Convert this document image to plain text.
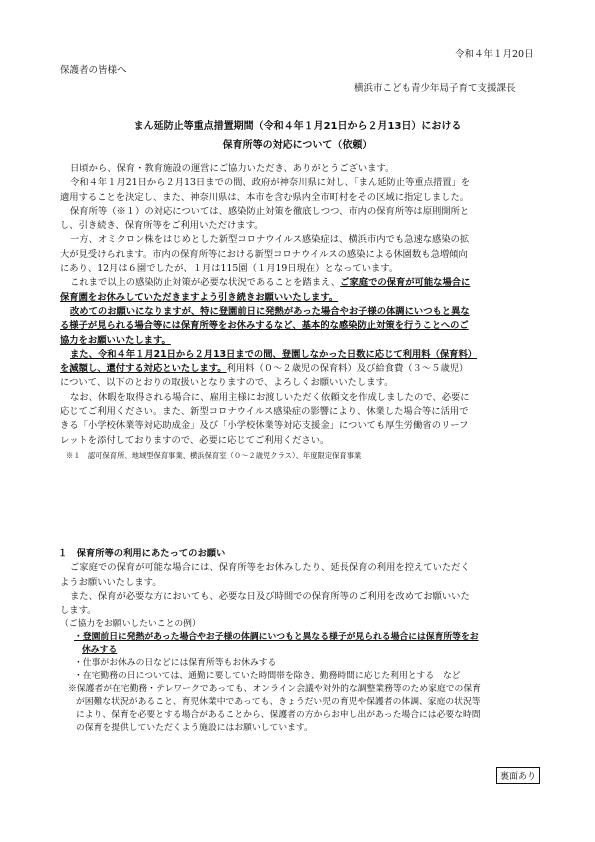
令和４年１月20日
保護者の皆様へ
横浜市こども青少年局子育て支援課長
まん延防止等重点措置期間（令和４年１月21日から２月13日）における
保育所等の対応について（依頼）

日頃から、保育・教育施設の運営にご協力いただき、ありがとうございます。

令和４年１月21日から２月13日までの間、政府が神奈川県に対し、「まん延防止等重点措置」を

適用することを決定し、また、神奈川県は、本市を含む県内全市町村をその区域に指定しました。

保育所等（※１）の対応については、感染防止対策を徹底しつつ、市内の保育所等は原則開所と

し、引き続き、保育所等をご利用いただけます。

一方、オミクロン株をはじめとした新型コロナウイルス感染症は、横浜市内でも急速な感染の拡

大が見受けられます。市内の保育所等における新型コロナウイルスの感染による休園数も急増傾向

にあり、12月は６園でしたが、１月は115園（１月19日現在）となっています。

これまで以上の感染防止対策が必要な状況であることを踏まえ、ご家庭での保育が可能な場合に

保育園をお休みしていただきますよう引き続きお願いいたします。

改めてのお願いになりますが、特に登園前日に発熱があった場合やお子様の体調にいつもと異な

る様子が見られる場合等には保育所等をお休みするなど、基本的な感染防止対策を行うことへのご

協力をお願いいたします。

また、令和４年１月21日から２月13日までの間、登園しなかった日数に応じて利用料（保育料）

を減額し、還付する対応といたします。利用料（０～２歳児の保育料）及び給食費（３～５歳児）

について、以下のとおりの取扱いとなりますので、よろしくお願いいたします。

なお、休暇を取得される場合に、雇用主様にお渡しいただく依頼文を作成しましたので、必要に

応じてご利用ください。また、新型コロナウイルス感染症の影響により、休業した場合等に活用で

きる「小学校休業等対応助成金」及び「小学校休業等対応支援金」についても厚生労働省のリーフ

レットを添付しておりますので、必要に応じてご利用ください。

※１　認可保育所、地域型保育事業、横浜保育室（０～２歳児クラス）、年度限定保育事業

１　保育所等の利用にあたってのお願い

ご家庭での保育が可能な場合には、保育所等をお休みしたり、延長保育の利用を控えていただく

ようお願いいたします。

また、保育が必要な方においても、必要な日及び時間での保育所等のご利用を改めてお願いいた

します。

（ご協力をお願いしたいことの例）

・登園前日に発熱があった場合やお子様の体調にいつもと異なる様子が見られる場合には保育所等をお

休みする

・仕事がお休みの日などには保育所等もお休みする

・在宅勤務の日については、通勤に要していた時間帯を除き、勤務時間に応じた利用とする　など

※保護者が在宅勤務・テレワークであっても、オンライン会議や対外的な調整業務等のため家庭での保育

が困難な状況があること、育児休業中であっても、きょうだい児の育児や保護者の体調、家庭の状況等

により、保育を必要とする場合があることから、保護者の方からお申し出があった場合には必要な時間

の保育を提供していただくよう施設にはお願いしています。

裏面あり
